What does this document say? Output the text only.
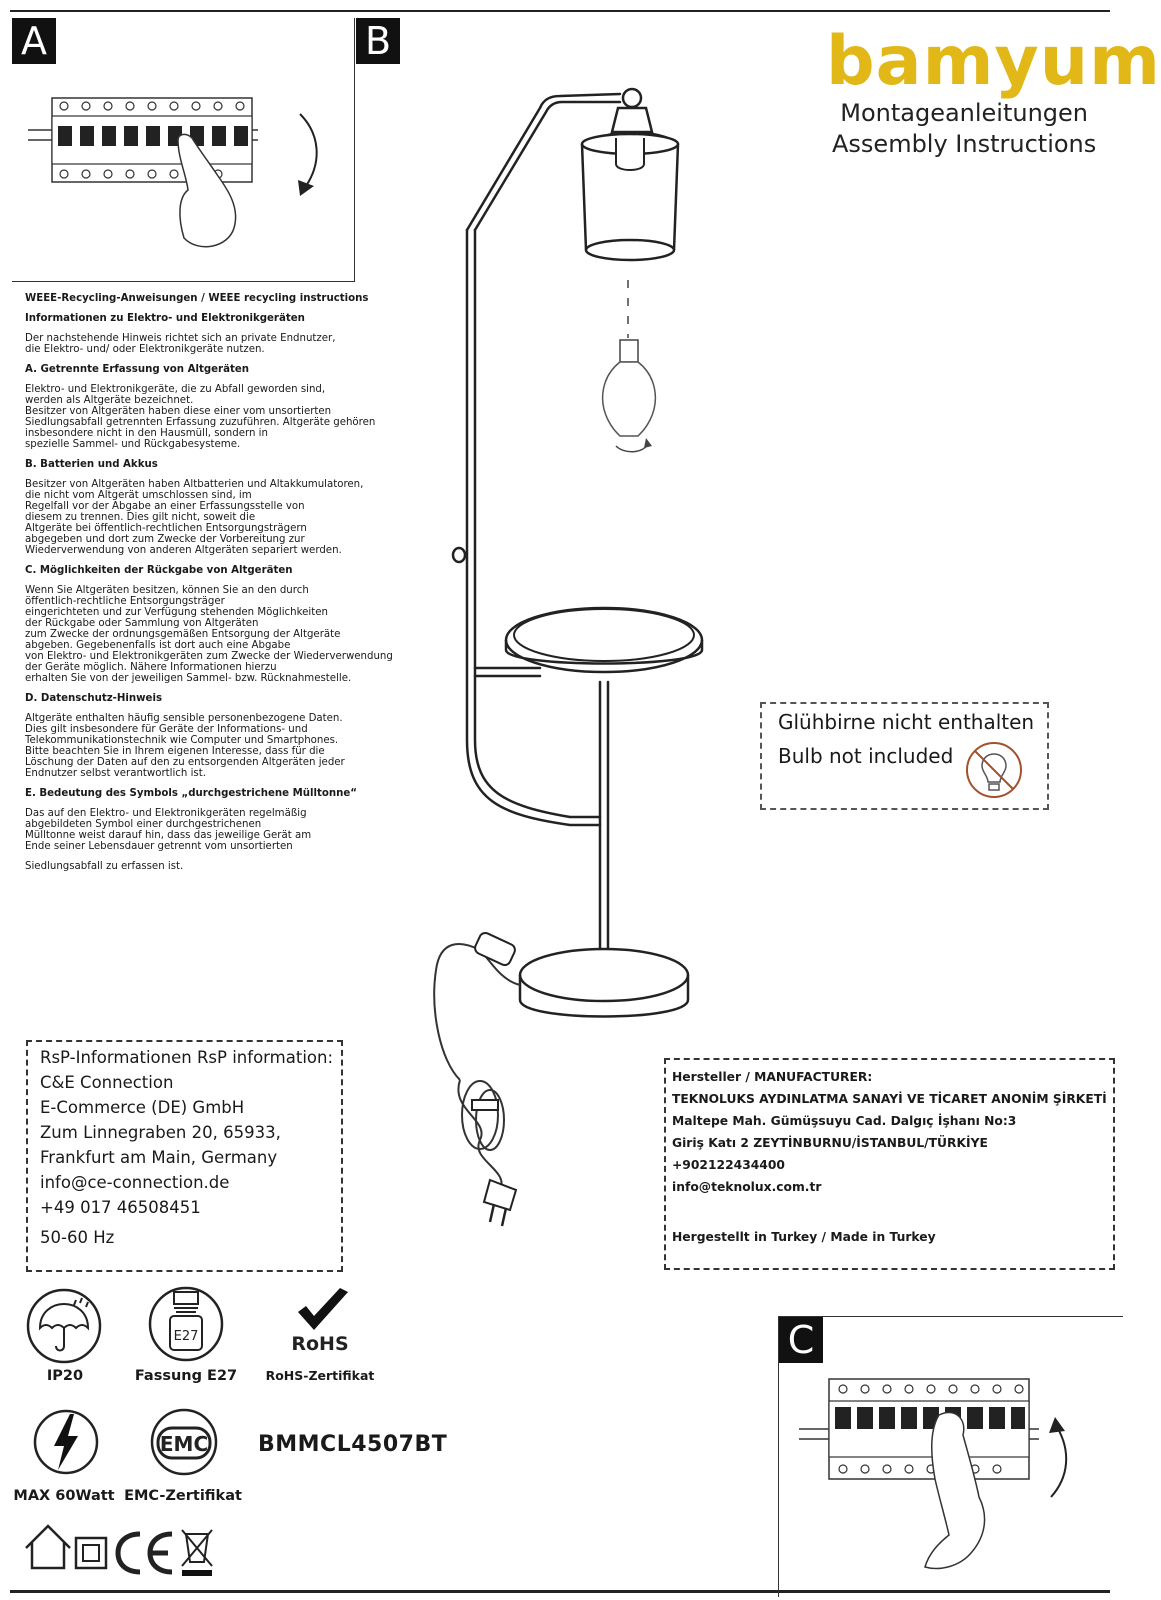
A	B	bamyum
Montageanleitungen
Assembly Instructions
WEEE-Recycling-Anweisungen / WEEE recycling instructions
Informationen zu Elektro- und Elektronikgeräten
Der nachstehende Hinweis richtet sich an private Endnutzer,
die Elektro- und/ oder Elektronikgeräte nutzen.
A. Getrennte Erfassung von Altgeräten
Elektro- und Elektronikgeräte, die zu Abfall geworden sind,
werden als Altgeräte bezeichnet.
Besitzer von Altgeräten haben diese einer vom unsortierten
Siedlungsabfall getrennten Erfassung zuzuführen. Altgeräte gehören
insbesondere nicht in den Hausmüll, sondern in
spezielle Sammel- und Rückgabesysteme.
B. Batterien und Akkus
Besitzer von Altgeräten haben Altbatterien und Altakkumulatoren,
die nicht vom Altgerät umschlossen sind, im
Regelfall vor der Abgabe an einer Erfassungsstelle von
diesem zu trennen. Dies gilt nicht, soweit die
Altgeräte bei öffentlich-rechtlichen Entsorgungsträgern
abgegeben und dort zum Zwecke der Vorbereitung zur
Wiederverwendung von anderen Altgeräten separiert werden.
C. Möglichkeiten der Rückgabe von Altgeräten
Wenn Sie Altgeräten besitzen, können Sie an den durch
öffentlich-rechtliche Entsorgungsträger
eingerichteten und zur Verfügung stehenden Möglichkeiten
der Rückgabe oder Sammlung von Altgeräten
zum Zwecke der ordnungsgemäßen Entsorgung der Altgeräte
abgeben. Gegebenenfalls ist dort auch eine Abgabe
von Elektro- und Elektronikgeräten zum Zwecke der Wiederverwendung
der Geräte möglich. Nähere Informationen hierzu
erhalten Sie von der jeweiligen Sammel- bzw. Rücknahmestelle.
D. Datenschutz-Hinweis
Altgeräte enthalten häufig sensible personenbezogene Daten.
Dies gilt insbesondere für Geräte der Informations- und
Telekommunikationstechnik wie Computer und Smartphones.
Bitte beachten Sie in Ihrem eigenen Interesse, dass für die
Löschung der Daten auf den zu entsorgenden Altgeräten jeder
Endnutzer selbst verantwortlich ist.
E. Bedeutung des Symbols „durchgestrichene Mülltonne“
Das auf den Elektro- und Elektronikgeräten regelmäßig
abgebildeten Symbol einer durchgestrichenen
Mülltonne weist darauf hin, dass das jeweilige Gerät am
Ende seiner Lebensdauer getrennt vom unsortierten
Siedlungsabfall zu erfassen ist.
Glühbirne nicht enthalten
Bulb not included
RsP-Informationen RsP information:
C&E Connection
E-Commerce (DE) GmbH
Zum Linnegraben 20, 65933,
Frankfurt am Main, Germany
info@ce-connection.de
+49 017 46508451
50-60 Hz
Hersteller / MANUFACTURER:
TEKNOLUKS AYDINLATMA SANAYİ VE TİCARET ANONİM ŞİRKETİ
Maltepe Mah. Gümüşsuyu Cad. Dalgıç İşhanı No:3
Giriş Katı 2 ZEYTİNBURNU/İSTANBUL/TÜRKİYE
+902122434400
info@teknolux.com.tr
Hergestellt in Turkey / Made in Turkey
IP20
E27
Fassung E27
RoHS
RoHS-Zertifikat
MAX 60Watt
EMC
EMC-Zertifikat
BMMCL4507BT
C
